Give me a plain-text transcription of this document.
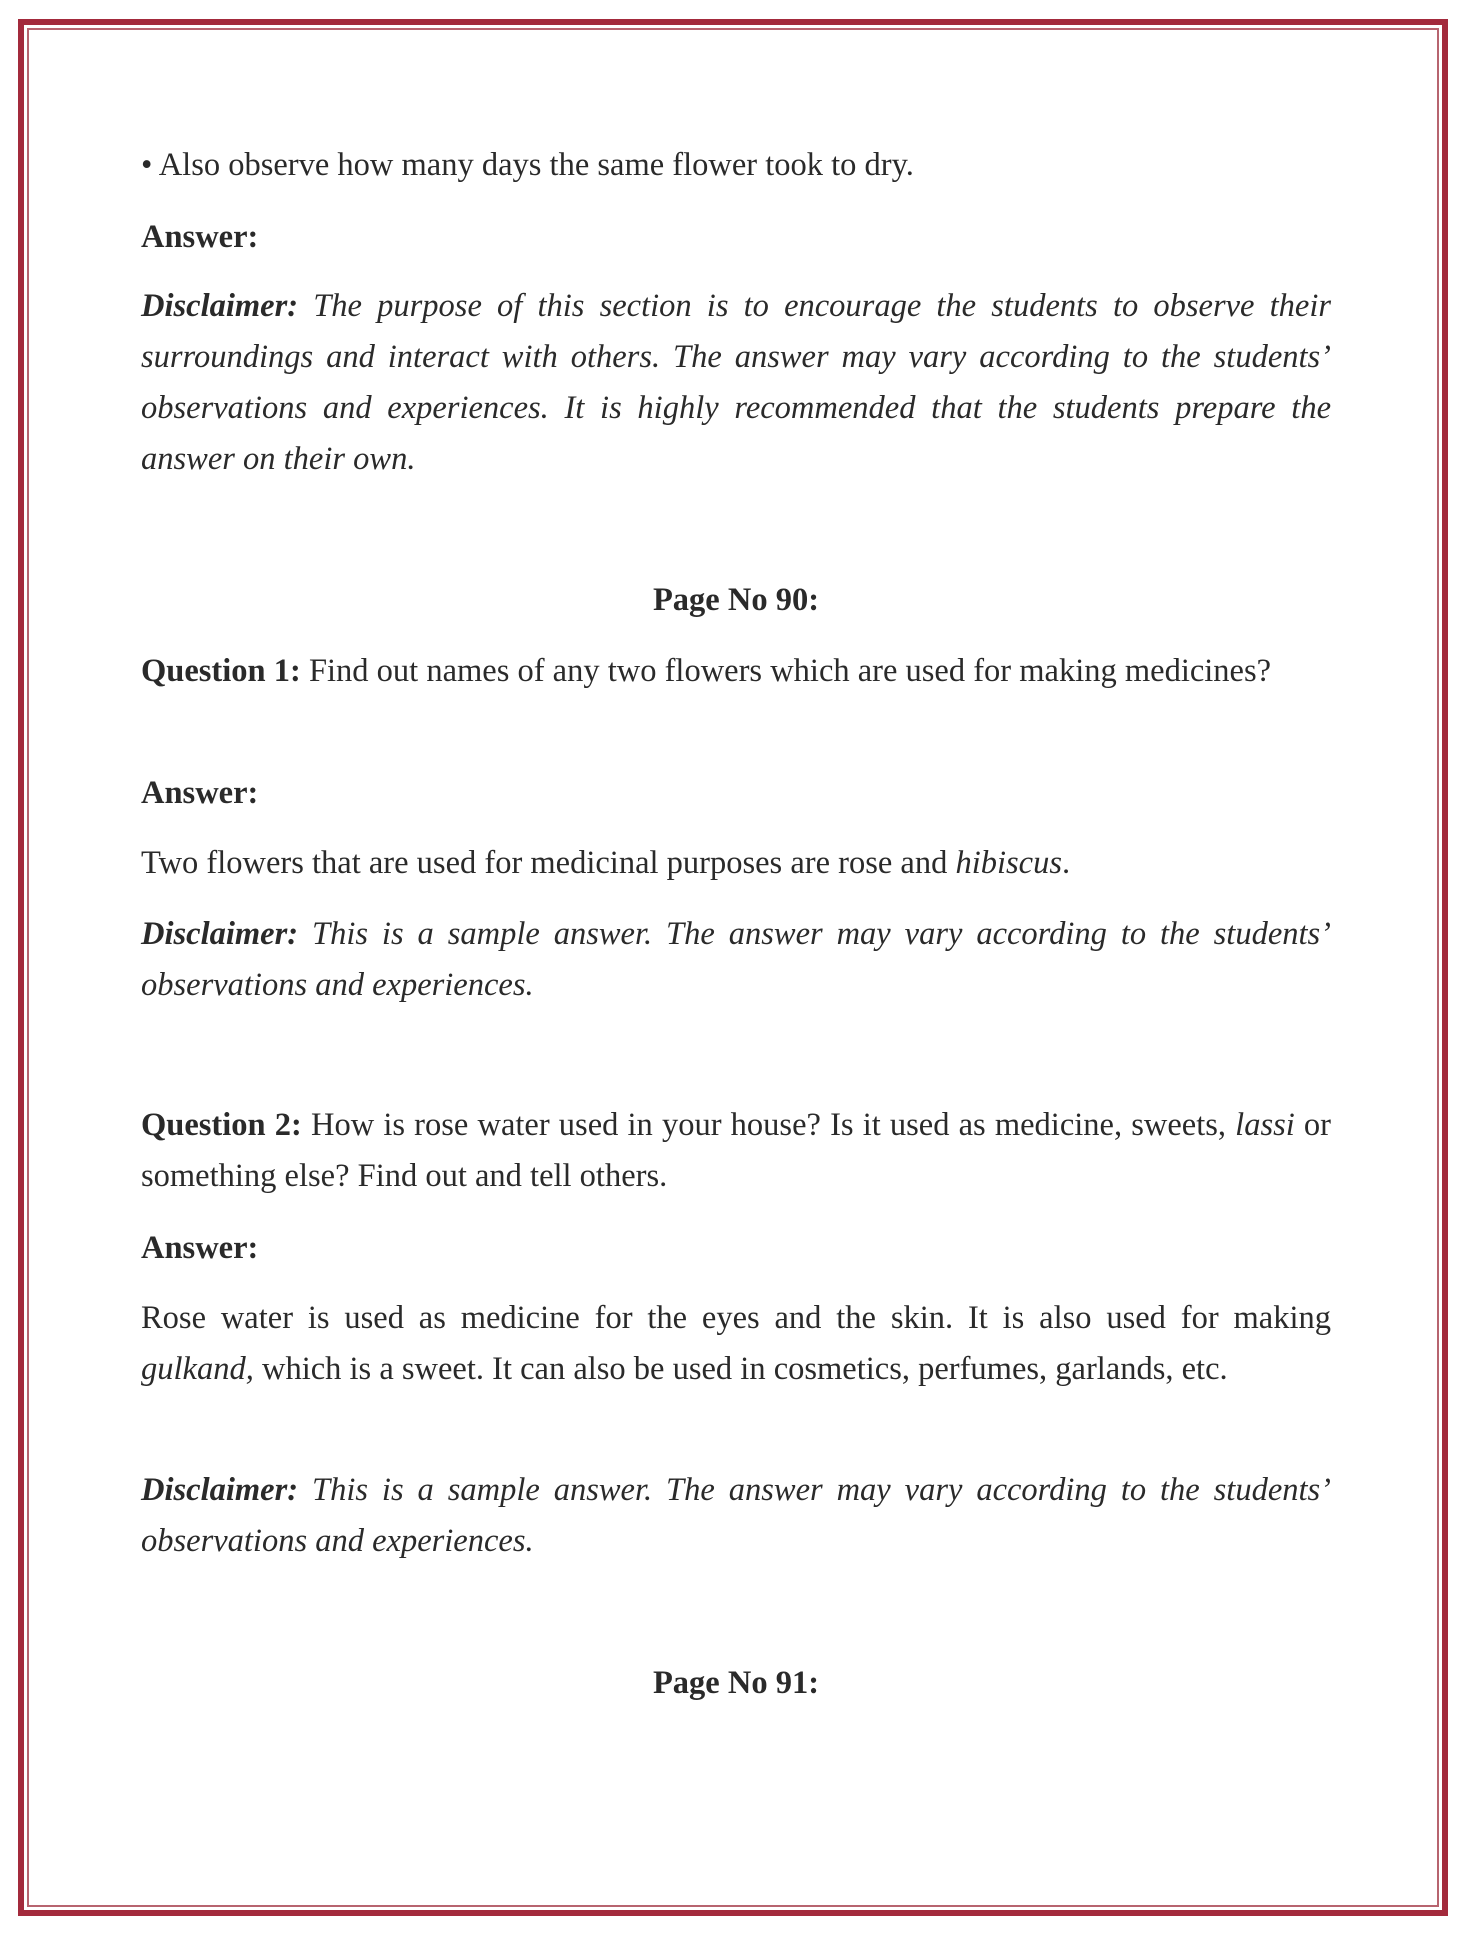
• Also observe how many days the same flower took to dry.
Answer:
Disclaimer: The purpose of this section is to encourage the students to observe their surroundings and interact with others. The answer may vary according to the students’ observations and experiences. It is highly recommended that the students prepare the answer on their own.
Page No 90:
Question 1: Find out names of any two flowers which are used for making medicines?
Answer:
Two flowers that are used for medicinal purposes are rose and hibiscus.
Disclaimer: This is a sample answer. The answer may vary according to the students’ observations and experiences.
Question 2: How is rose water used in your house? Is it used as medicine, sweets, lassi or something else? Find out and tell others.
Answer:
Rose water is used as medicine for the eyes and the skin. It is also used for making gulkand, which is a sweet. It can also be used in cosmetics, perfumes, garlands, etc.
Disclaimer: This is a sample answer. The answer may vary according to the students’ observations and experiences.
Page No 91:
